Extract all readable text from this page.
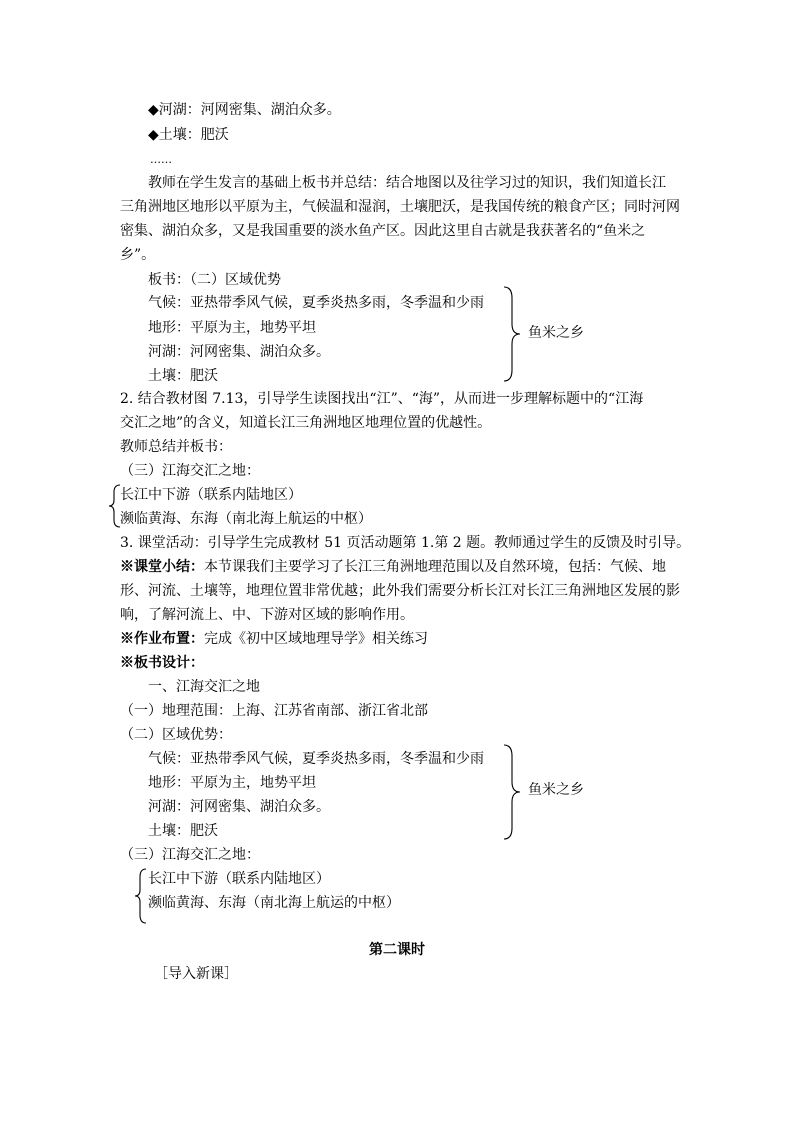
◆河湖：河网密集、湖泊众多。
◆土壤：肥沃
……
教师在学生发言的基础上板书并总结：结合地图以及往学习过的知识，我们知道长江
三角洲地区地形以平原为主，气候温和湿润，土壤肥沃，是我国传统的粮食产区；同时河网
密集、湖泊众多，又是我国重要的淡水鱼产区。因此这里自古就是我获著名的“鱼米之
乡”。
板书：（二）区域优势
气候：亚热带季风气候，夏季炎热多雨，冬季温和少雨
地形：平原为主，地势平坦
河湖：河网密集、湖泊众多。
土壤：肥沃
鱼米之乡
2. 结合教材图 7.13，引导学生读图找出“江”、“海”，从而进一步理解标题中的“江海
交汇之地”的含义，知道长江三角洲地区地理位置的优越性。
教师总结并板书：
（三）江海交汇之地：
长江中下游（联系内陆地区）
濒临黄海、东海（南北海上航运的中枢）
3. 课堂活动：引导学生完成教材 51 页活动题第 1.第 2 题。教师通过学生的反馈及时引导。
※课堂小结：本节课我们主要学习了长江三角洲地理范围以及自然环境，包括：气候、地
形、河流、土壤等，地理位置非常优越；此外我们需要分析长江对长江三角洲地区发展的影
响，了解河流上、中、下游对区域的影响作用。
※作业布置：完成《初中区域地理导学》相关练习
※板书设计：
一、江海交汇之地
（一）地理范围：上海、江苏省南部、浙江省北部
（二）区域优势：
气候：亚热带季风气候，夏季炎热多雨，冬季温和少雨
地形：平原为主，地势平坦
河湖：河网密集、湖泊众多。
土壤：肥沃
鱼米之乡
（三）江海交汇之地：
长江中下游（联系内陆地区）
濒临黄海、东海（南北海上航运的中枢）
第二课时
［导入新课］
